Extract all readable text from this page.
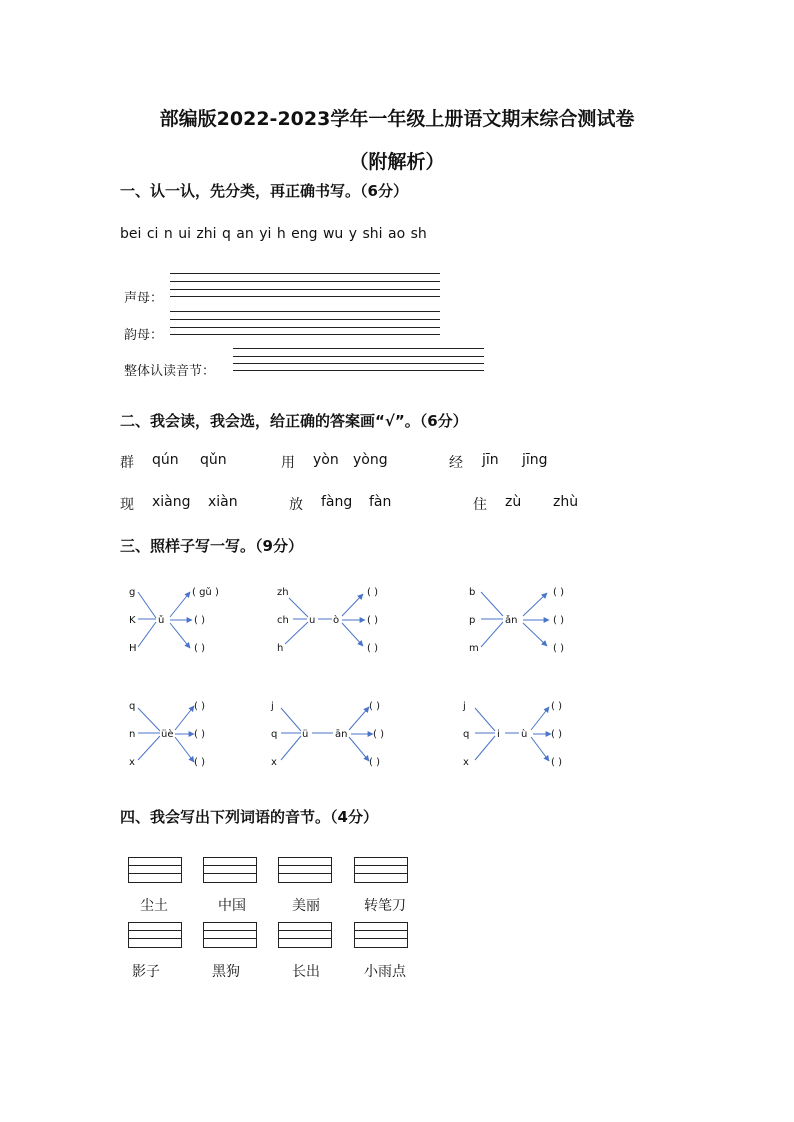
部编版2022-2023学年一年级上册语文期末综合测试卷
（附解析）
一、认一认，先分类，再正确书写。（6分）
bei ci n ui zhi q an yi h eng wu y shi ao sh
声母：
韵母：
整体认读音节：
二、我会读，我会选，给正确的答案画“√”。（6分）
群 qún qǔn	用 yòn yòng	经 jīn jīng
现 xiàng xiàn	放 fàng fàn	住 zù zhù
三、照样子写一写。（9分）
g
K
H
ǔ
( gǔ )
( )
( )
zh
ch
h
u ò
( )
( )
( )
b
p
m
ǎn
( )
( )
( )
q
n
x
üè
( )
( )
( )
j
q
x
ü	ān
( )
( )
( )
j
q
x
i ù
( )
( )
( )
四、我会写出下列词语的音节。（4分）
尘土	中国	美丽	转笔刀
影子	黑狗	长出	小雨点
